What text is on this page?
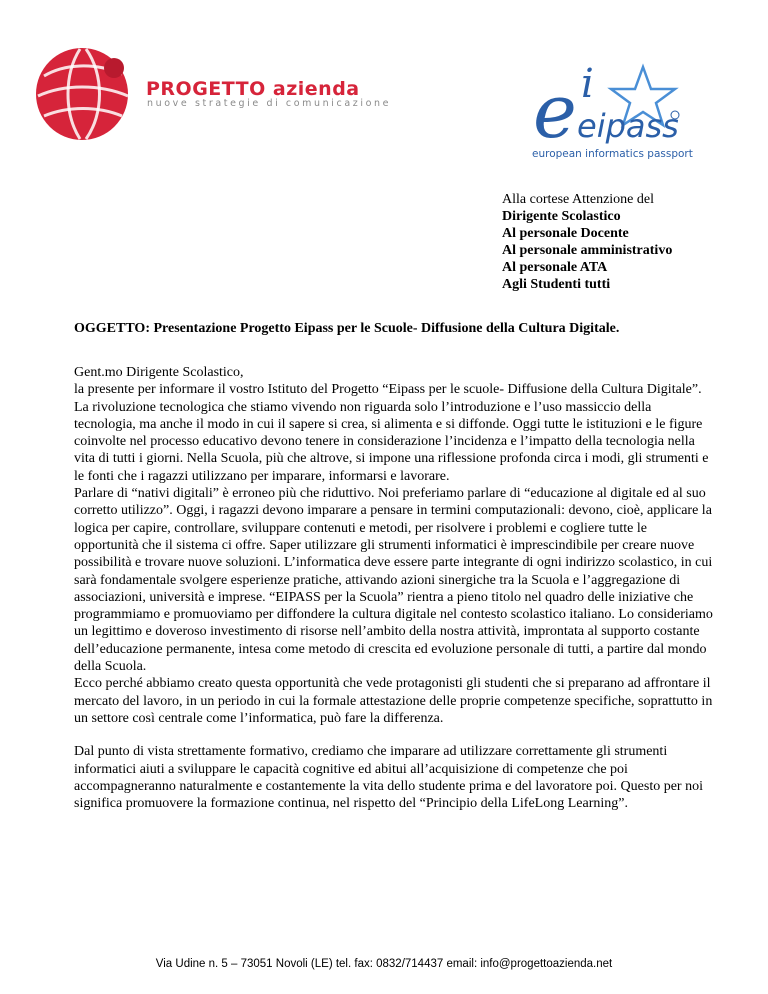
PROGETTO azienda
nuove strategie di comunicazione e i
eipass
european informatics passport
Alla cortese Attenzione del
Dirigente Scolastico
Al personale Docente
Al personale amministrativo
Al personale ATA
Agli Studenti tutti
OGGETTO: Presentazione Progetto Eipass per le Scuole- Diffusione della Cultura Digitale.

Gent.mo Dirigente Scolastico,

la presente per informare il vostro Istituto del Progetto “Eipass per le scuole- Diffusione della Cultura Digitale”. La rivoluzione tecnologica che stiamo vivendo non riguarda solo l’introduzione e l’uso massiccio della tecnologia, ma anche il modo in cui il sapere si crea, si alimenta e si diffonde. Oggi tutte le istituzioni e le figure coinvolte nel processo educativo devono tenere in considerazione l’incidenza e l’impatto della tecnologia nella vita di tutti i giorni. Nella Scuola, più che altrove, si impone una riflessione profonda circa i modi, gli strumenti e le fonti che i ragazzi utilizzano per imparare, informarsi e lavorare.

Parlare di “nativi digitali” è erroneo più che riduttivo. Noi preferiamo parlare di “educazione al digitale ed al suo corretto utilizzo”. Oggi, i ragazzi devono imparare a pensare in termini computazionali: devono, cioè, applicare la logica per capire, controllare, sviluppare contenuti e metodi, per risolvere i problemi e cogliere tutte le opportunità che il sistema ci offre. Saper utilizzare gli strumenti informatici è imprescindibile per creare nuove possibilità e trovare nuove soluzioni. L’informatica deve essere parte integrante di ogni indirizzo scolastico, in cui sarà fondamentale svolgere esperienze pratiche, attivando azioni sinergiche tra la Scuola e l’aggregazione di associazioni, università e imprese. “EIPASS per la Scuola” rientra a pieno titolo nel quadro delle iniziative che programmiamo e promuoviamo per diffondere la cultura digitale nel contesto scolastico italiano. Lo consideriamo un legittimo e doveroso investimento di risorse nell’ambito della nostra attività, improntata al supporto costante dell’educazione permanente, intesa come metodo di crescita ed evoluzione personale di tutti, a partire dal mondo della Scuola.

Ecco perché abbiamo creato questa opportunità che vede protagonisti gli studenti che si preparano ad affrontare il mercato del lavoro, in un periodo in cui la formale attestazione delle proprie competenze specifiche, soprattutto in un settore così centrale come l’informatica, può fare la differenza.

Dal punto di vista strettamente formativo, crediamo che imparare ad utilizzare correttamente gli strumenti informatici aiuti a sviluppare le capacità cognitive ed abitui all’acquisizione di competenze che poi accompagneranno naturalmente e costantemente la vita dello studente prima e del lavoratore poi. Questo per noi significa promuovere la formazione continua, nel rispetto del “Principio della LifeLong Learning”.

Via Udine n. 5 – 73051 Novoli (LE) tel. fax: 0832/714437 email: info@progettoazienda.net
